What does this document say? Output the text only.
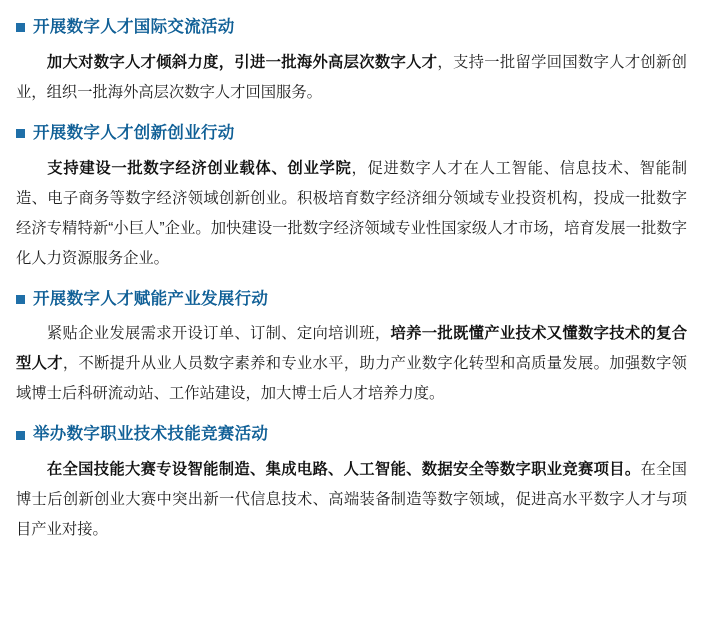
开展数字人才国际交流活动

加大对数字人才倾斜力度，引进一批海外高层次数字人才，支持一批留学回国数字人才创新创业，组织一批海外高层次数字人才回国服务。

开展数字人才创新创业行动

支持建设一批数字经济创业载体、创业学院，促进数字人才在人工智能、信息技术、智能制造、电子商务等数字经济领域创新创业。积极培育数字经济细分领域专业投资机构，投成一批数字经济专精特新“小巨人”企业。加快建设一批数字经济领域专业性国家级人才市场，培育发展一批数字化人力资源服务企业。

开展数字人才赋能产业发展行动

紧贴企业发展需求开设订单、订制、定向培训班，培养一批既懂产业技术又懂数字技术的复合型人才，不断提升从业人员数字素养和专业水平，助力产业数字化转型和高质量发展。加强数字领域博士后科研流动站、工作站建设，加大博士后人才培养力度。

举办数字职业技术技能竞赛活动

在全国技能大赛专设智能制造、集成电路、人工智能、数据安全等数字职业竞赛项目。在全国博士后创新创业大赛中突出新一代信息技术、高端装备制造等数字领域，促进高水平数字人才与项目产业对接。
